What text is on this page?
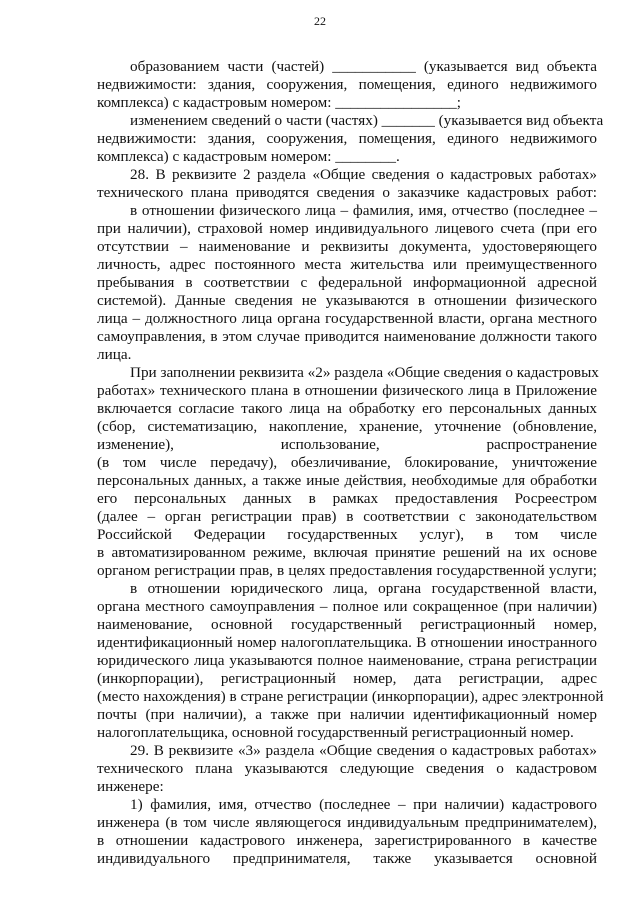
22
образованием части (частей) ___________ (указывается вид объекта
недвижимости: здания, сооружения, помещения, единого недвижимого
комплекса) с кадастровым номером: ________________;
изменением сведений о части (частях) _______ (указывается вид объекта
недвижимости: здания, сооружения, помещения, единого недвижимого
комплекса) с кадастровым номером: ________.
28. В реквизите 2 раздела «Общие сведения о кадастровых работах»
технического плана приводятся сведения о заказчике кадастровых работ:
в отношении физического лица – фамилия, имя, отчество (последнее –
при наличии), страховой номер индивидуального лицевого счета (при его
отсутствии – наименование и реквизиты документа, удостоверяющего
личность, адрес постоянного места жительства или преимущественного
пребывания в соответствии с федеральной информационной адресной
системой). Данные сведения не указываются в отношении физического
лица – должностного лица органа государственной власти, органа местного
самоуправления, в этом случае приводится наименование должности такого
лица.
При заполнении реквизита «2» раздела «Общие сведения о кадастровых
работах» технического плана в отношении физического лица в Приложение
включается согласие такого лица на обработку его персональных данных
(сбор, систематизацию, накопление, хранение, уточнение (обновление,
изменение), использование, распространение
(в том числе передачу), обезличивание, блокирование, уничтожение
персональных данных, а также иные действия, необходимые для обработки
его персональных данных в рамках предоставления Росреестром
(далее – орган регистрации прав) в соответствии с законодательством
Российской Федерации государственных услуг), в том числе
в автоматизированном режиме, включая принятие решений на их основе
органом регистрации прав, в целях предоставления государственной услуги;
в отношении юридического лица, органа государственной власти,
органа местного самоуправления – полное или сокращенное (при наличии)
наименование, основной государственный регистрационный номер,
идентификационный номер налогоплательщика. В отношении иностранного
юридического лица указываются полное наименование, страна регистрации
(инкорпорации), регистрационный номер, дата регистрации, адрес
(место нахождения) в стране регистрации (инкорпорации), адрес электронной
почты (при наличии), а также при наличии идентификационный номер
налогоплательщика, основной государственный регистрационный номер.
29. В реквизите «3» раздела «Общие сведения о кадастровых работах»
технического плана указываются следующие сведения о кадастровом
инженере:
1) фамилия, имя, отчество (последнее – при наличии) кадастрового
инженера (в том числе являющегося индивидуальным предпринимателем),
в отношении кадастрового инженера, зарегистрированного в качестве
индивидуального предпринимателя, также указывается основной
